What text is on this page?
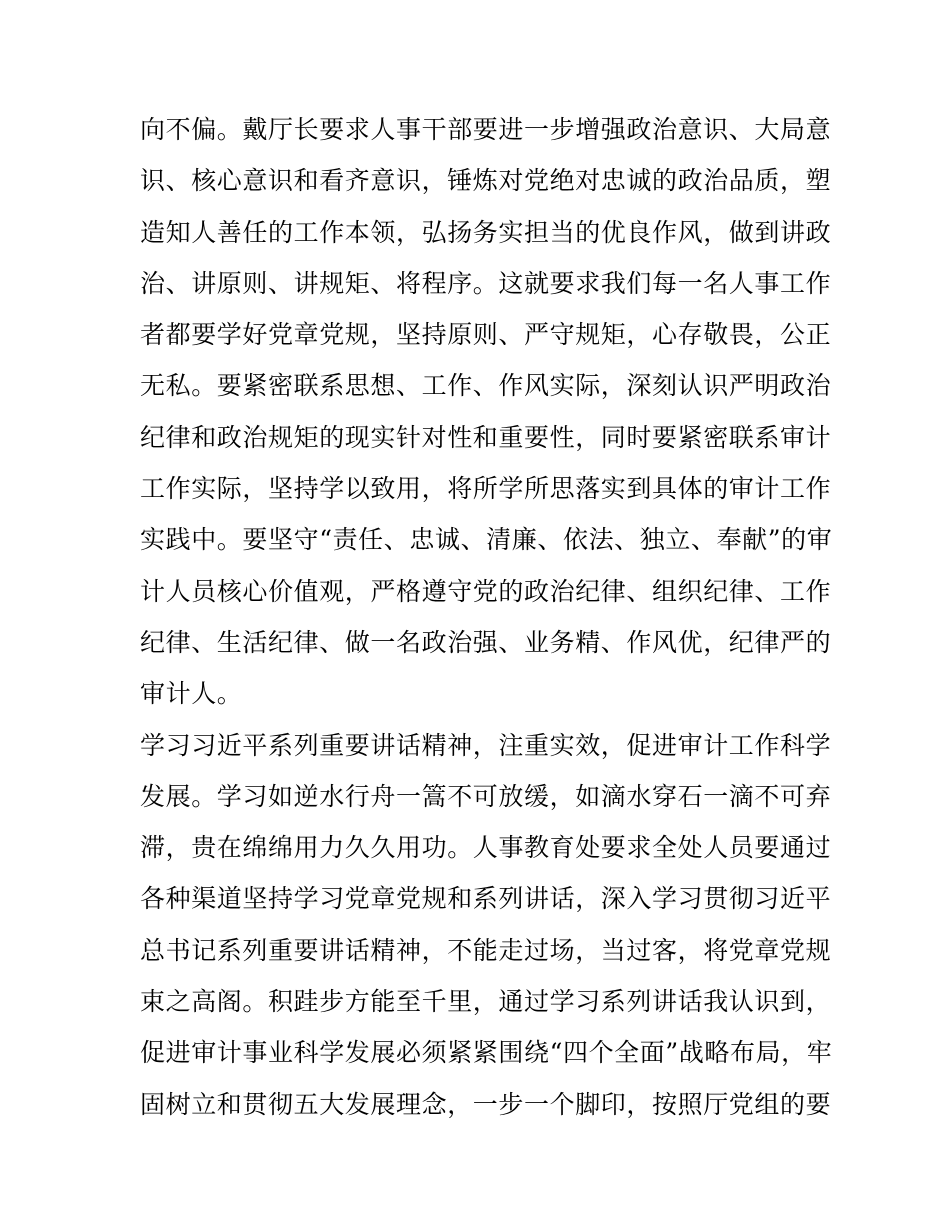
向不偏。戴厅长要求人事干部要进一步增强政治意识、大局意
识、核心意识和看齐意识，锤炼对党绝对忠诚的政治品质，塑
造知人善任的工作本领，弘扬务实担当的优良作风，做到讲政
治、讲原则、讲规矩、将程序。这就要求我们每一名人事工作
者都要学好党章党规，坚持原则、严守规矩，心存敬畏，公正
无私。要紧密联系思想、工作、作风实际，深刻认识严明政治
纪律和政治规矩的现实针对性和重要性，同时要紧密联系审计
工作实际，坚持学以致用，将所学所思落实到具体的审计工作
实践中。要坚守“责任、忠诚、清廉、依法、独立、奉献”的审
计人员核心价值观，严格遵守党的政治纪律、组织纪律、工作
纪律、生活纪律、做一名政治强、业务精、作风优，纪律严的
审计人。
学习习近平系列重要讲话精神，注重实效，促进审计工作科学
发展。学习如逆水行舟一篙不可放缓，如滴水穿石一滴不可弃
滞，贵在绵绵用力久久用功。人事教育处要求全处人员要通过
各种渠道坚持学习党章党规和系列讲话，深入学习贯彻习近平
总书记系列重要讲话精神，不能走过场，当过客，将党章党规
束之高阁。积跬步方能至千里，通过学习系列讲话我认识到，
促进审计事业科学发展必须紧紧围绕“四个全面”战略布局，牢
固树立和贯彻五大发展理念，一步一个脚印，按照厅党组的要
